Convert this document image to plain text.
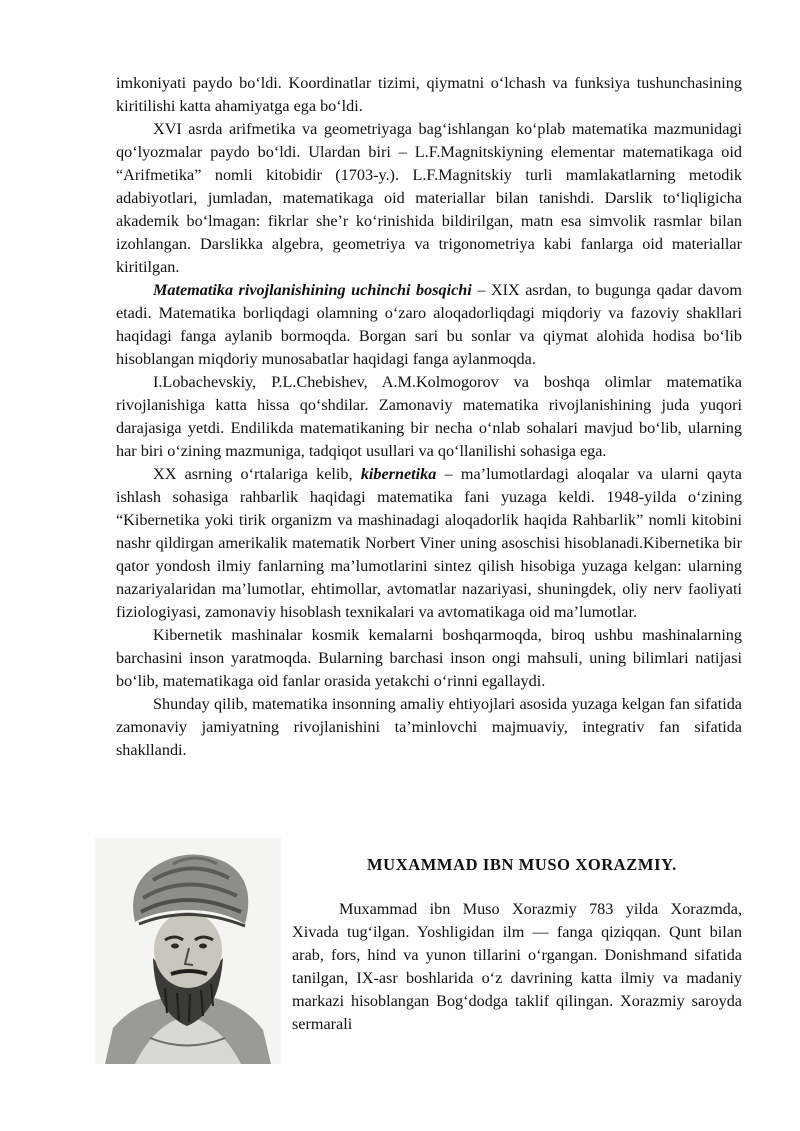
imkoniyati paydo bo‘ldi. Koordinatlar tizimi, qiymatni o‘lchash va funksiya tushunchasining kiritilishi katta ahamiyatga ega bo‘ldi.

XVI asrda arifmetika va geometriyaga bag‘ishlangan ko‘plab matematika mazmunidagi qo‘lyozmalar paydo bo‘ldi. Ulardan biri – L.F.Magnitskiyning elementar matematikaga oid “Arifmetika” nomli kitobidir (1703-y.). L.F.Magnitskiy turli mamlakatlarning metodik adabiyotlari, jumladan, matematikaga oid materiallar bilan tanishdi. Darslik to‘liqligicha akademik bo‘lmagan: fikrlar she’r ko‘rinishida bildirilgan, matn esa simvolik rasmlar bilan izohlangan. Darslikka algebra, geometriya va trigonometriya kabi fanlarga oid materiallar kiritilgan.

Matematika rivojlanishining uchinchi bosqichi – XIX asrdan, to bugunga qadar davom etadi. Matematika borliqdagi olamning o‘zaro aloqadorliqdagi miqdoriy va fazoviy shakllari haqidagi fanga aylanib bormoqda. Borgan sari bu sonlar va qiymat alohida hodisa bo‘lib hisoblangan miqdoriy munosabatlar haqidagi fanga aylanmoqda.

I.Lobachevskiy, P.L.Chebishev, A.M.Kolmogorov va boshqa olimlar matematika rivojlanishiga katta hissa qo‘shdilar. Zamonaviy matematika rivojlanishining juda yuqori darajasiga yetdi. Endilikda matematikaning bir necha o‘nlab sohalari mavjud bo‘lib, ularning har biri o‘zining mazmuniga, tadqiqot usullari va qo‘llanilishi sohasiga ega.

XX asrning o‘rtalariga kelib, kibernetika – ma’lumotlardagi aloqalar va ularni qayta ishlash sohasiga rahbarlik haqidagi matematika fani yuzaga keldi. 1948-yilda o‘zining “Kibernetika yoki tirik organizm va mashinadagi aloqadorlik haqida Rahbarlik” nomli kitobini nashr qildirgan amerikalik matematik Norbert Viner uning asoschisi hisoblanadi.Kibernetika bir qator yondosh ilmiy fanlarning ma’lumotlarini sintez qilish hisobiga yuzaga kelgan: ularning nazariyalaridan ma’lumotlar, ehtimollar, avtomatlar nazariyasi, shuningdek, oliy nerv faoliyati fiziologiyasi, zamonaviy hisoblash texnikalari va avtomatikaga oid ma’lumotlar.

Kibernetik mashinalar kosmik kemalarni boshqarmoqda, biroq ushbu mashinalarning barchasini inson yaratmoqda. Bularning barchasi inson ongi mahsuli, uning bilimlari natijasi bo‘lib, matematikaga oid fanlar orasida yetakchi o‘rinni egallaydi.

Shunday qilib, matematika insonning amaliy ehtiyojlari asosida yuzaga kelgan fan sifatida zamonaviy jamiyatning rivojlanishini ta’minlovchi majmuaviy, integrativ fan sifatida shakllandi.

MUXAMMAD IBN MUSO XORAZMIY.

Muxammad ibn Muso Xorazmiy 783 yilda Xorazmda, Xivada tug‘ilgan. Yoshligidan ilm — fanga qiziqqan. Qunt bilan arab, fors, hind va yunon tillarini o‘rgangan. Donishmand sifatida tanilgan, IX-asr boshlarida o‘z davrining katta ilmiy va madaniy markazi hisoblangan Bog‘dodga taklif qilingan. Xorazmiy saroyda sermarali
